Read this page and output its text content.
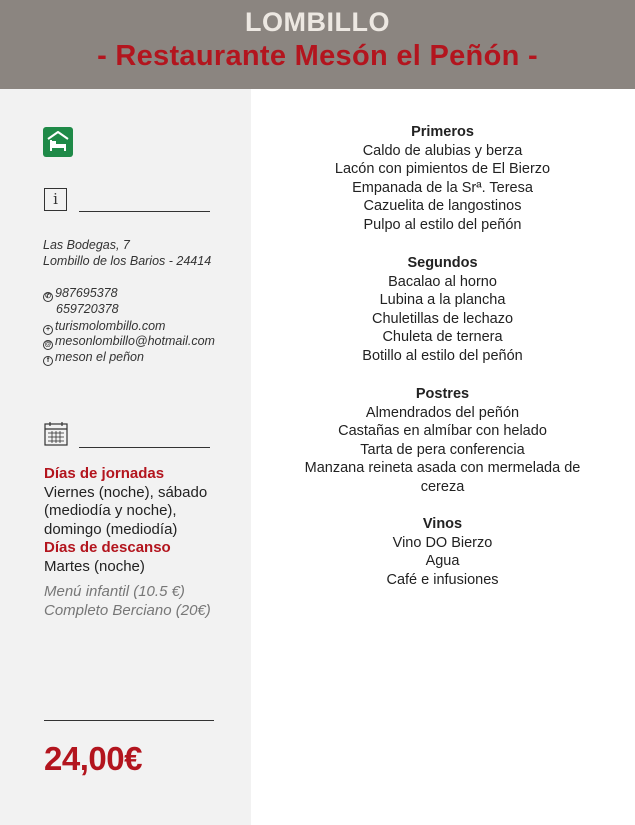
LOMBILLO
- Restaurante Mesón el Peñón -
i
Las Bodegas, 7
Lombillo de los Barios - 24414
✆ 987695378
659720378
+ turismolombillo.com
@ mesonlombillo@hotmail.com
f meson el peñon
Días de jornadas
Viernes (noche), sábado
(mediodía y noche),
domingo (mediodía)
Días de descanso
Martes (noche)
Menú infantil (10.5 €)
Completo Berciano (20€)
24,00€
Primeros
Caldo de alubias y berza
Lacón con pimientos de El Bierzo
Empanada de la Srª. Teresa
Cazuelita de langostinos
Pulpo al estilo del peñón
Segundos
Bacalao al horno
Lubina a la plancha
Chuletillas de lechazo
Chuleta de ternera
Botillo al estilo del peñón
Postres
Almendrados del peñón
Castañas en almíbar con helado
Tarta de pera conferencia
Manzana reineta asada con mermelada de
cereza
Vinos
Vino DO Bierzo
Agua
Café e infusiones
